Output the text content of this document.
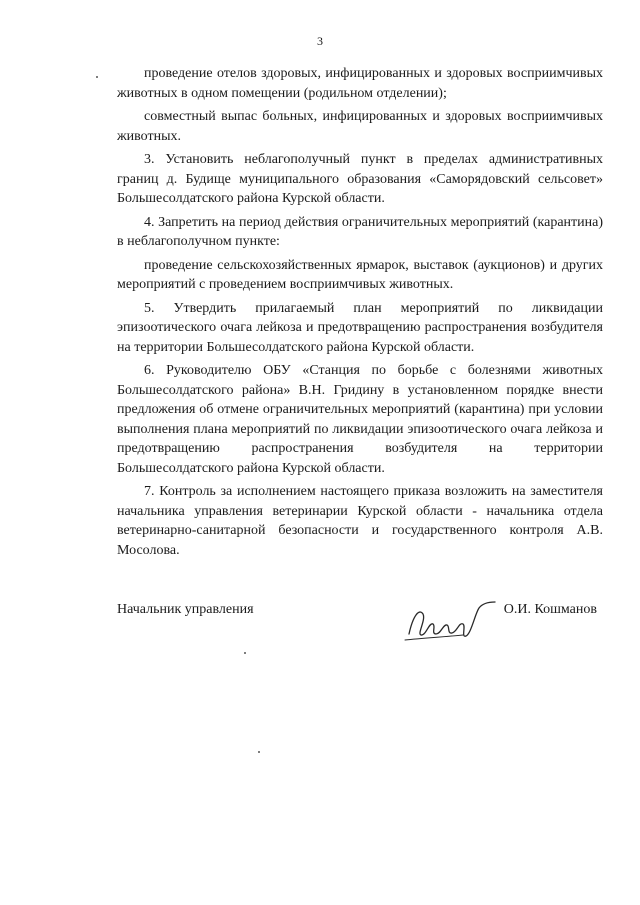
3

проведение отелов здоровых, инфицированных и здоровых восприимчивых животных в одном помещении (родильном отделении);

совместный выпас больных, инфицированных и здоровых восприимчивых животных.

3. Установить неблагополучный пункт в пределах административных границ д. Будище муниципального образования «Саморядовский сельсовет» Большесолдатского района Курской области.

4. Запретить на период действия ограничительных мероприятий (карантина) в неблагополучном пункте:

проведение сельскохозяйственных ярмарок, выставок (аукционов) и других мероприятий с проведением восприимчивых животных.

5. Утвердить прилагаемый план мероприятий по ликвидации эпизоотического очага лейкоза и предотвращению распространения возбудителя на территории Большесолдатского района Курской области.

6. Руководителю ОБУ «Станция по борьбе с болезнями животных Большесолдатского района» В.Н. Гридину в установленном порядке внести предложения об отмене ограничительных мероприятий (карантина) при условии выполнения плана мероприятий по ликвидации эпизоотического очага лейкоза и предотвращению распространения возбудителя на территории Большесолдатского района Курской области.

7. Контроль за исполнением настоящего приказа возложить на заместителя начальника управления ветеринарии Курской области - начальника отдела ветеринарно-санитарной безопасности и государственного контроля А.В. Мосолова.

Начальник управления	О.И. Кошманов
